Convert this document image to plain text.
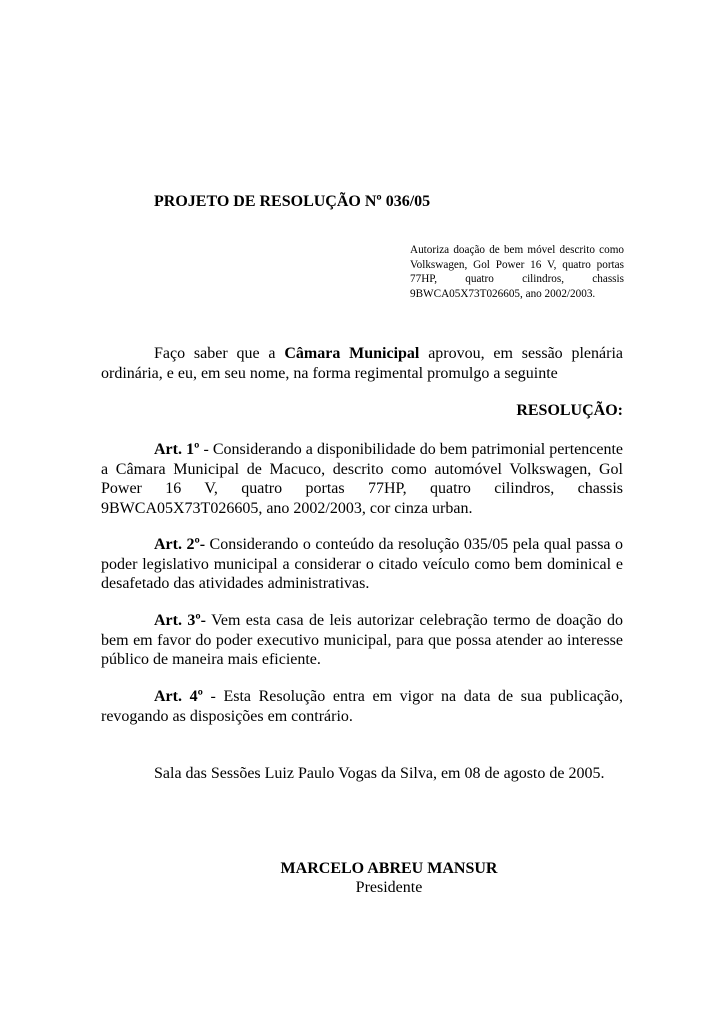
PROJETO DE RESOLUÇÃO Nº 036/05
Autoriza doação de bem móvel descrito como Volkswagen, Gol Power 16 V, quatro portas 77HP, quatro cilindros, chassis 9BWCA05X73T026605, ano 2002/2003.

Faço saber que a Câmara Municipal aprovou, em sessão plenária ordinária, e eu, em seu nome, na forma regimental promulgo a seguinte

RESOLUÇÃO:

Art. 1º - Considerando a disponibilidade do bem patrimonial pertencente a Câmara Municipal de Macuco, descrito como automóvel Volkswagen, Gol Power 16 V, quatro portas 77HP, quatro cilindros, chassis 9BWCA05X73T026605, ano 2002/2003, cor cinza urban.

Art. 2º- Considerando o conteúdo da resolução 035/05 pela qual passa o poder legislativo municipal a considerar o citado veículo como bem dominical e desafetado das atividades administrativas.

Art. 3º- Vem esta casa de leis autorizar celebração termo de doação do bem em favor do poder executivo municipal, para que possa atender ao interesse público de maneira mais eficiente.

Art. 4º - Esta Resolução entra em vigor na data de sua publicação, revogando as disposições em contrário.

Sala das Sessões Luiz Paulo Vogas da Silva, em 08 de agosto de 2005.

MARCELO ABREU MANSUR
Presidente
